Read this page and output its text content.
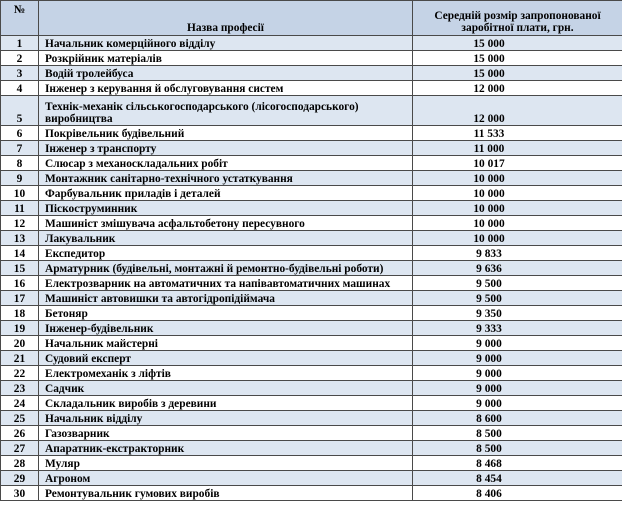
№	Назва професії	Середній розмір запропонованої заробітної плати, грн.
1	Начальник комерційного відділу	15 000
2	Розкрійник матеріалів	15 000
3	Водій тролейбуса	15 000
4	Інженер з керування й обслуговування систем	12 000
5	Технік-механік сільськогосподарського (лісогосподарського) виробництва	12 000
6	Покрівельник будівельний	11 533
7	Інженер з транспорту	11 000
8	Слюсар з механоскладальних робіт	10 017
9	Монтажник санітарно-технічного устаткування	10 000
10	Фарбувальник приладів і деталей	10 000
11	Піскоструминник	10 000
12	Машиніст змішувача асфальтобетону пересувного	10 000
13	Лакувальник	10 000
14	Експедитор	9 833
15	Арматурник (будівельні, монтажні й ремонтно-будівельні роботи)	9 636
16	Електрозварник на автоматичних та напівавтоматичних машинах	9 500
17	Машиніст автовишки та автогідропідіймача	9 500
18	Бетоняр	9 350
19	Інженер-будівельник	9 333
20	Начальник майстерні	9 000
21	Судовий експерт	9 000
22	Електромеханік з ліфтів	9 000
23	Садчик	9 000
24	Складальник виробів з деревини	9 000
25	Начальник відділу	8 600
26	Газозварник	8 500
27	Апаратник-екстракторник	8 500
28	Муляр	8 468
29	Агроном	8 454
30	Ремонтувальник гумових виробів	8 406
